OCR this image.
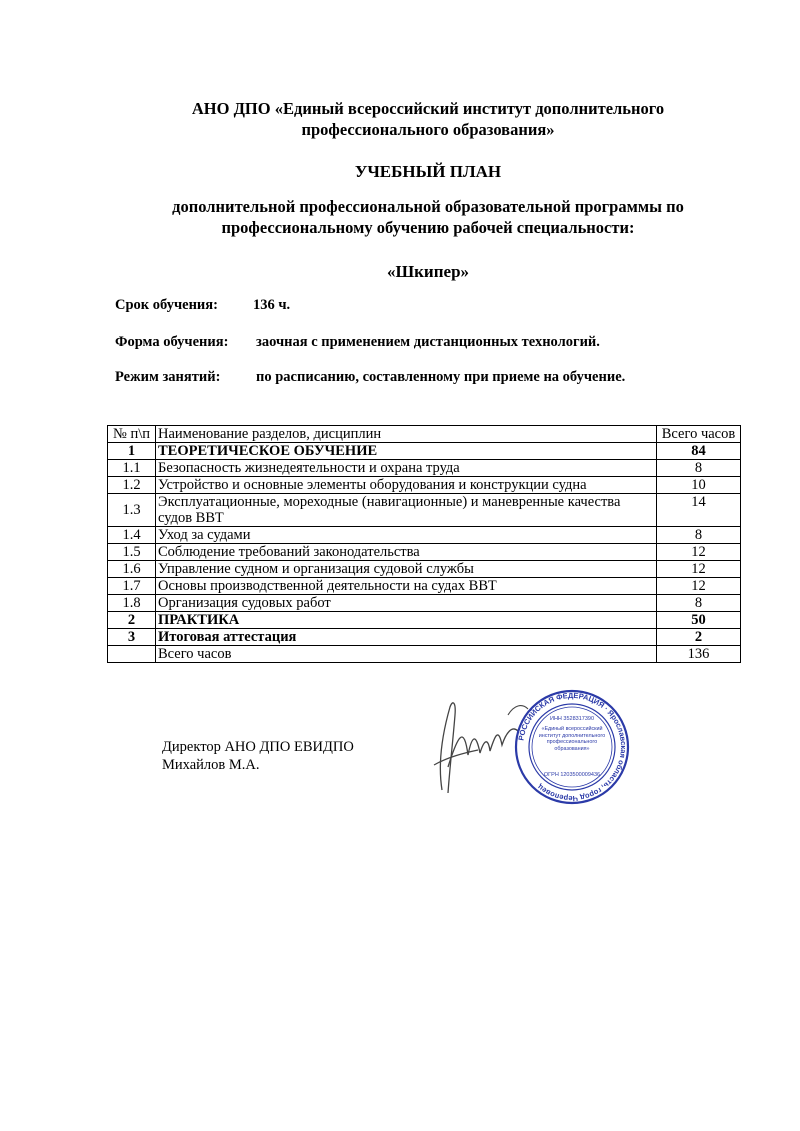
АНО ДПО «Единый всероссийский институт дополнительного

профессионального образования»

УЧЕБНЫЙ ПЛАН

дополнительной профессиональной образовательной программы по

профессиональному обучению рабочей специальности:

«Шкипер»
Срок обучения: 136 ч.
Форма обучения: заочная с применением дистанционных технологий.
Режим занятий: по расписанию, составленному при приеме на обучение.
№ п\п	Наименование разделов, дисциплин	Всего часов
1	ТЕОРЕТИЧЕСКОЕ ОБУЧЕНИЕ	84
1.1	Безопасность жизнедеятельности и охрана труда	8
1.2	Устройство и основные элементы оборудования и конструкции судна	10
1.3	Эксплуатационные, мореходные (навигационные) и маневренные качества судов ВВТ	14
1.4	Уход за судами	8
1.5	Соблюдение требований законодательства	12
1.6	Управление судном и организация судовой службы	12
1.7	Основы производственной деятельности на судах ВВТ	12
1.8	Организация судовых работ	8
2	ПРАКТИКА	50
3	Итоговая аттестация	2
	Всего часов	136

Директор АНО ДПО ЕВИДПО

Михайлов М.А.

РОССИЙСКАЯ ФЕДЕРАЦИЯ · Ярославская область, город Череповец
ИНН 3528317390
«Единый всероссийский институт дополнительного профессионального образования»
ОГРН 1203500009436
